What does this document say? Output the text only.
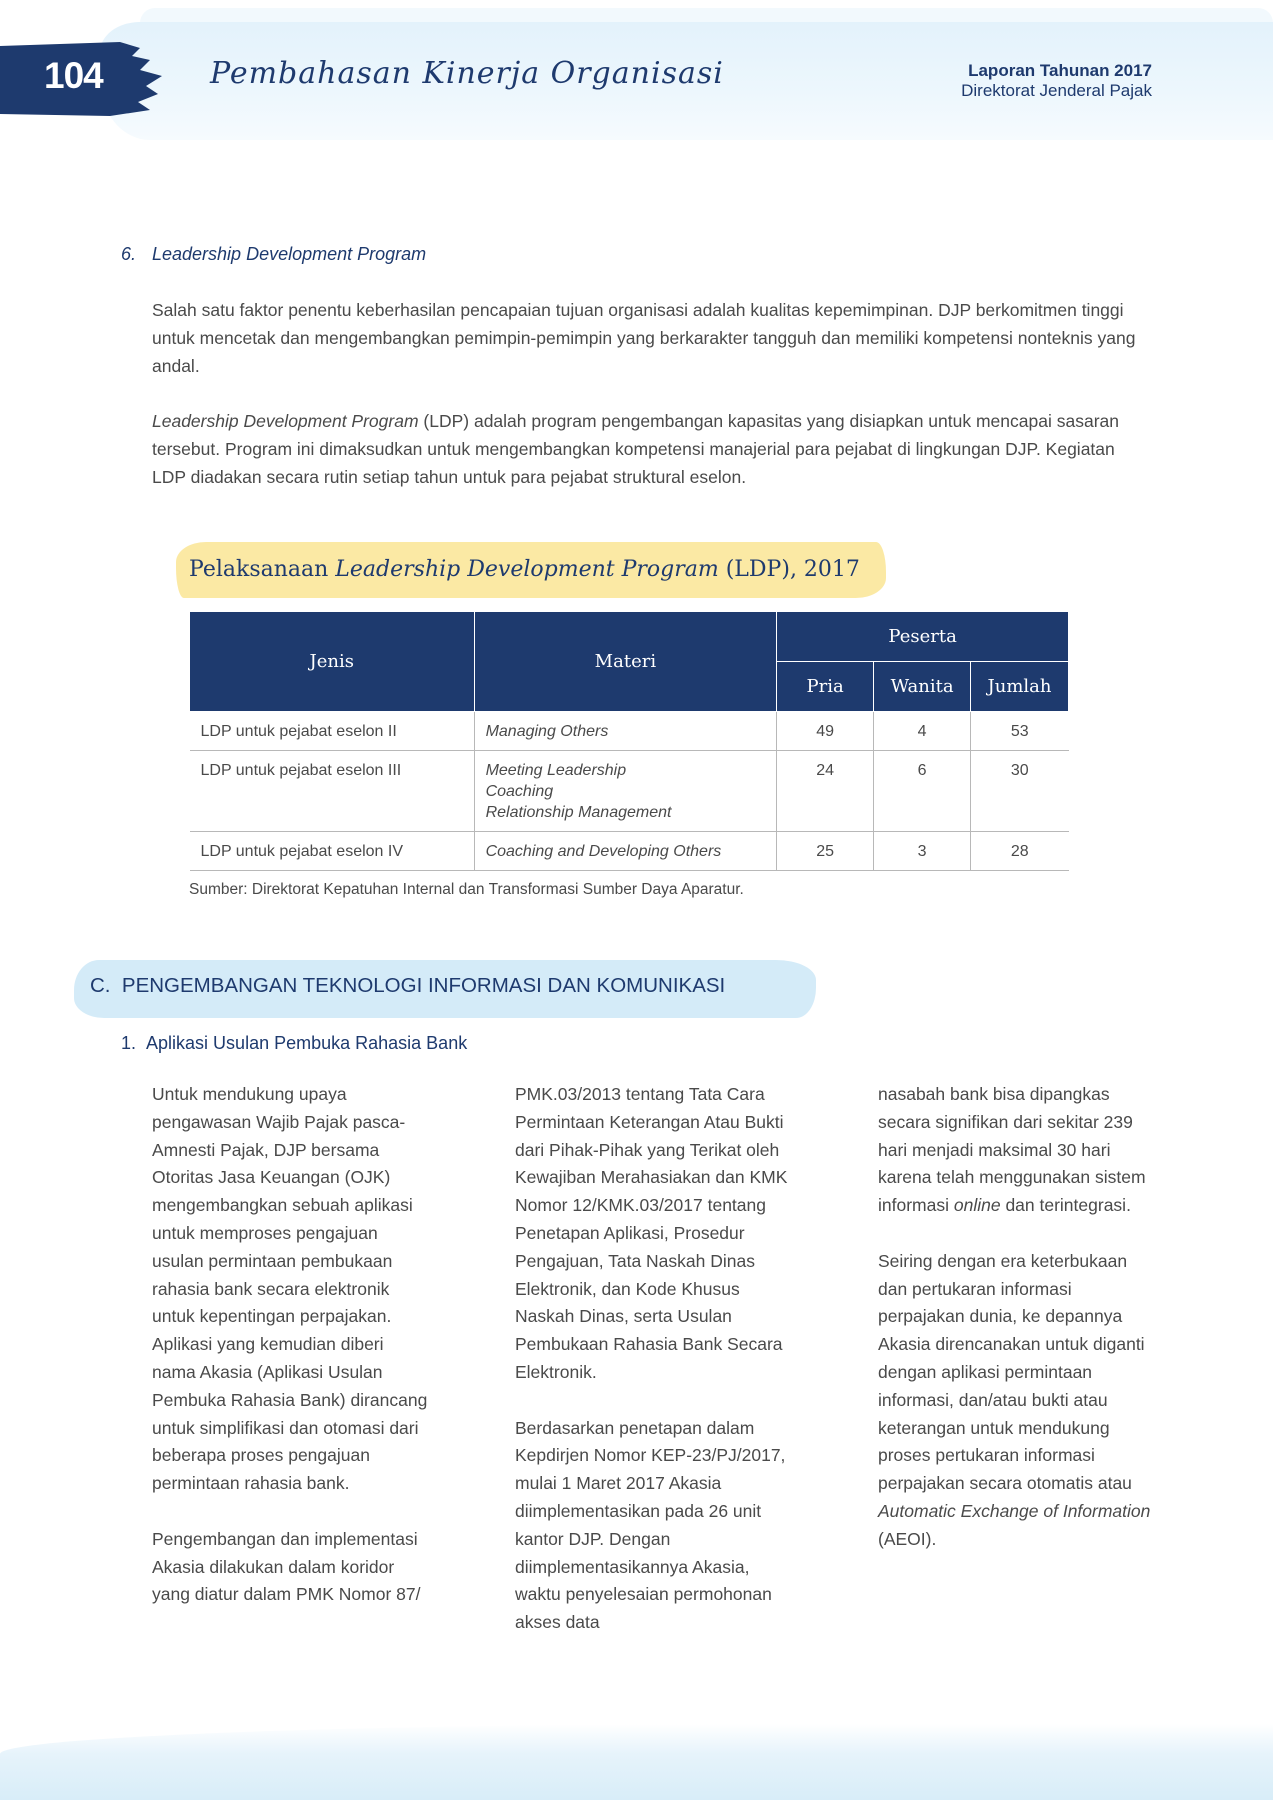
104	Pembahasan Kinerja Organisasi	Laporan Tahunan 2017
Direktorat Jenderal Pajak
6. Leadership Development Program
Salah satu faktor penentu keberhasilan pencapaian tujuan organisasi adalah kualitas kepemimpinan. DJP berkomitmen tinggi untuk mencetak dan mengembangkan pemimpin-pemimpin yang berkarakter tangguh dan memiliki kompetensi nonteknis yang andal.
Leadership Development Program (LDP) adalah program pengembangan kapasitas yang disiapkan untuk mencapai sasaran tersebut. Program ini dimaksudkan untuk mengembangkan kompetensi manajerial para pejabat di lingkungan DJP. Kegiatan LDP diadakan secara rutin setiap tahun untuk para pejabat struktural eselon.
Pelaksanaan Leadership Development Program (LDP), 2017
Jenis	Materi	Peserta		
		Pria	Wanita	Jumlah
LDP untuk pejabat eselon II	Managing Others	49	4	53
LDP untuk pejabat eselon III	Meeting Leadership
Coaching
Relationship Management	24	6	30
LDP untuk pejabat eselon IV	Coaching and Developing Others	25	3	28
Sumber: Direktorat Kepatuhan Internal dan Transformasi Sumber Daya Aparatur.
C. PENGEMBANGAN TEKNOLOGI INFORMASI DAN KOMUNIKASI
1. Aplikasi Usulan Pembuka Rahasia Bank

Untuk mendukung upaya pengawasan Wajib Pajak pasca-Amnesti Pajak, DJP bersama Otoritas Jasa Keuangan (OJK) mengembangkan sebuah aplikasi untuk memproses pengajuan usulan permintaan pembukaan rahasia bank secara elektronik untuk kepentingan perpajakan. Aplikasi yang kemudian diberi nama Akasia (Aplikasi Usulan Pembuka Rahasia Bank) dirancang untuk simplifikasi dan otomasi dari beberapa proses pengajuan permintaan rahasia bank.

Pengembangan dan implementasi Akasia dilakukan dalam koridor yang diatur dalam PMK Nomor 87/

PMK.03/2013 tentang Tata Cara Permintaan Keterangan Atau Bukti dari Pihak-Pihak yang Terikat oleh Kewajiban Merahasiakan dan KMK Nomor 12/KMK.03/2017 tentang Penetapan Aplikasi, Prosedur Pengajuan, Tata Naskah Dinas Elektronik, dan Kode Khusus Naskah Dinas, serta Usulan Pembukaan Rahasia Bank Secara Elektronik.

Berdasarkan penetapan dalam Kepdirjen Nomor KEP-23/PJ/2017, mulai 1 Maret 2017 Akasia diimplementasikan pada 26 unit kantor DJP. Dengan diimplementasikannya Akasia, waktu penyelesaian permohonan akses data

nasabah bank bisa dipangkas secara signifikan dari sekitar 239 hari menjadi maksimal 30 hari karena telah menggunakan sistem informasi online dan terintegrasi.

Seiring dengan era keterbukaan dan pertukaran informasi perpajakan dunia, ke depannya Akasia direncanakan untuk diganti dengan aplikasi permintaan informasi, dan/atau bukti atau keterangan untuk mendukung proses pertukaran informasi perpajakan secara otomatis atau Automatic Exchange of Information (AEOI).
